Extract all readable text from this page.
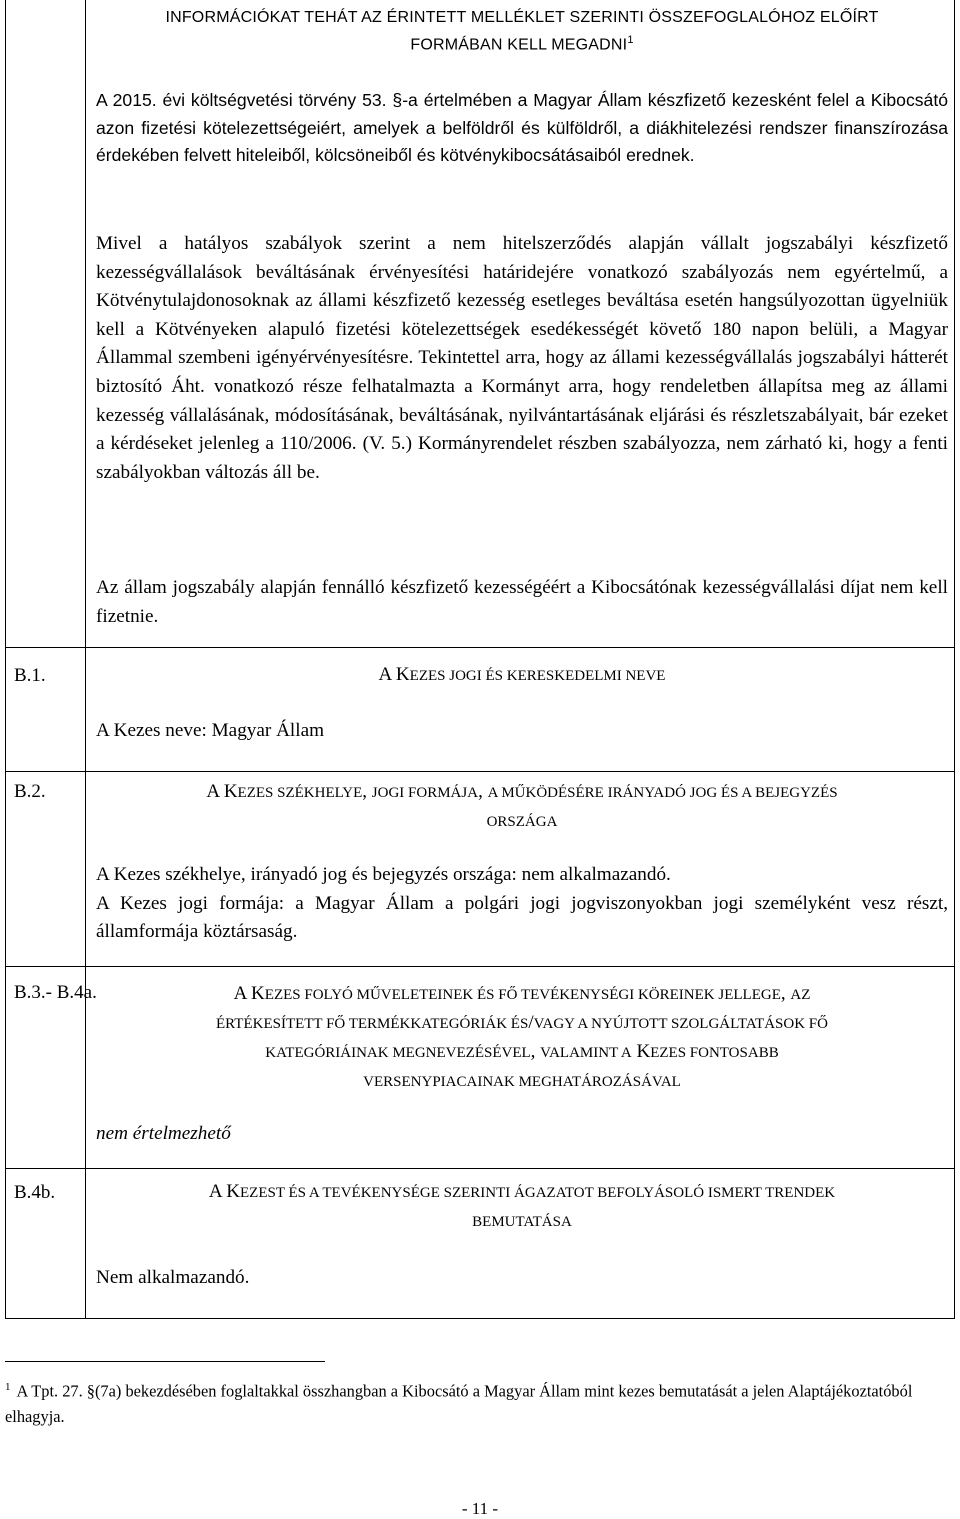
INFORMÁCIÓKAT TEHÁT AZ ÉRINTETT MELLÉKLET SZERINTI ÖSSZEFOGLALÓHOZ ELŐÍRT
FORMÁBAN KELL MEGADNI$^1$

A 2015. évi költségvetési törvény 53. §-a értelmében a Magyar Állam készfizető kezesként felel a Kibocsátó azon fizetési kötelezettségeiért, amelyek a belföldről és külföldről, a diákhitelezési rendszer finanszírozása érdekében felvett hiteleiből, kölcsöneiből és kötvénykibocsátásaiból erednek.

Mivel a hatályos szabályok szerint a nem hitelszerződés alapján vállalt jogszabályi készfizető kezességvállalások beváltásának érvényesítési határidejére vonatkozó szabályozás nem egyértelmű, a Kötvénytulajdonosoknak az állami készfizető kezesség esetleges beváltása esetén hangsúlyozottan ügyelniük kell a Kötvényeken alapuló fizetési kötelezettségek esedékességét követő 180 napon belüli, a Magyar Állammal szembeni igényérvényesítésre. Tekintettel arra, hogy az állami kezességvállalás jogszabályi hátterét biztosító Áht. vonatkozó része felhatalmazta a Kormányt arra, hogy rendeletben állapítsa meg az állami kezesség vállalásának, módosításának, beváltásának, nyilvántartásának eljárási és részletszabályait, bár ezeket a kérdéseket jelenleg a 110/2006. (V. 5.) Kormányrendelet részben szabályozza, nem zárható ki, hogy a fenti szabályokban változás áll be.

Az állam jogszabály alapján fennálló készfizető kezességéért a Kibocsátónak kezességvállalási díjat nem kell fizetnie.

B.1.	A KEZES JOGI ÉS KERESKEDELMI NEVE

A Kezes neve: Magyar Állam

B.2.	A KEZES SZÉKHELYE, JOGI FORMÁJA, A MŰKÖDÉSÉRE IRÁNYADÓ JOG ÉS A BEJEGYZÉS
ORSZÁGA

A Kezes székhelye, irányadó jog és bejegyzés országa: nem alkalmazandó.

A Kezes jogi formája: a Magyar Állam a polgári jogi jogviszonyokban jogi személyként vesz részt, államformája köztársaság.

B.3.- B.4a.	A KEZES FOLYÓ MŰVELETEINEK ÉS FŐ TEVÉKENYSÉGI KÖREINEK JELLEGE, AZ
ÉRTÉKESÍTETT FŐ TERMÉKKATEGÓRIÁK ÉS/VAGY A NYÚJTOTT SZOLGÁLTATÁSOK FŐ
KATEGÓRIÁINAK MEGNEVEZÉSÉVEL, VALAMINT A KEZES FONTOSABB
VERSENYPIACAINAK MEGHATÁROZÁSÁVAL

nem értelmezhető

B.4b.	A KEZEST ÉS A TEVÉKENYSÉGE SZERINTI ÁGAZATOT BEFOLYÁSOLÓ ISMERT TRENDEK
BEMUTATÁSA

Nem alkalmazandó.

$^1$ A Tpt. 27. §(7a) bekezdésében foglaltakkal összhangban a Kibocsátó a Magyar Állam mint kezes bemutatását a jelen Alaptájékoztatóból elhagyja.
- 11 -
